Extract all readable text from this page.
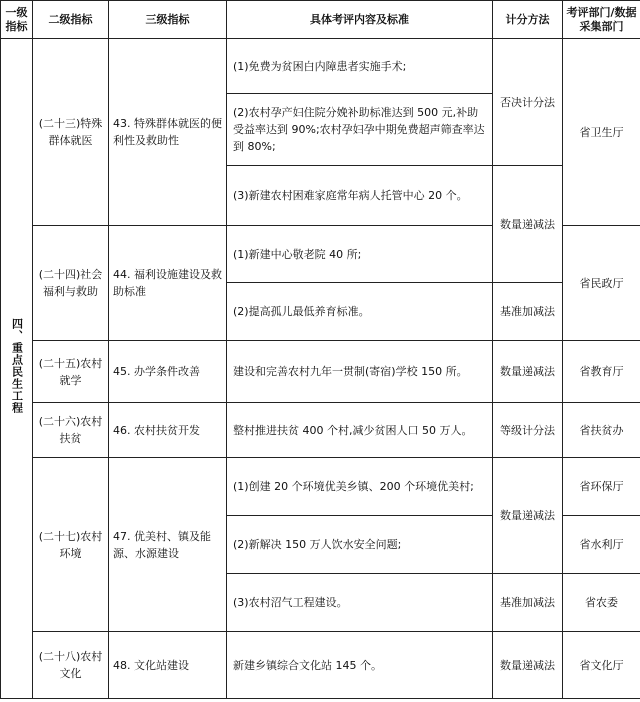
一级指标	二级指标	三级指标	具体考评内容及标准	计分方法	考评部门/数据采集部门
四、重点民生工程	(二十三)特殊群体就医	43. 特殊群体就医的便利性及救助性	(1)免费为贫困白内障患者实施手术;	否决计分法	省卫生厅
			(2)农村孕产妇住院分娩补助标准达到 500 元,补助受益率达到 90%;农村孕妇孕中期免费超声筛查率达到 80%;		
			(3)新建农村困难家庭常年病人托管中心 20 个。	数量递减法	
	(二十四)社会福利与救助	44. 福利设施建设及救助标准	(1)新建中心敬老院 40 所;		省民政厅
			(2)提高孤儿最低养育标准。	基准加减法	
	(二十五)农村就学	45. 办学条件改善	建设和完善农村九年一贯制(寄宿)学校 150 所。	数量递减法	省教育厅
	(二十六)农村扶贫	46. 农村扶贫开发	整村推进扶贫 400 个村,减少贫困人口 50 万人。	等级计分法	省扶贫办
	(二十七)农村环境	47. 优美村、镇及能源、水源建设	(1)创建 20 个环境优美乡镇、200 个环境优美村;	数量递减法	省环保厅
			(2)新解决 150 万人饮水安全问题;		省水利厅
			(3)农村沼气工程建设。	基准加减法	省农委
	(二十八)农村文化	48. 文化站建设	新建乡镇综合文化站 145 个。	数量递减法	省文化厅
